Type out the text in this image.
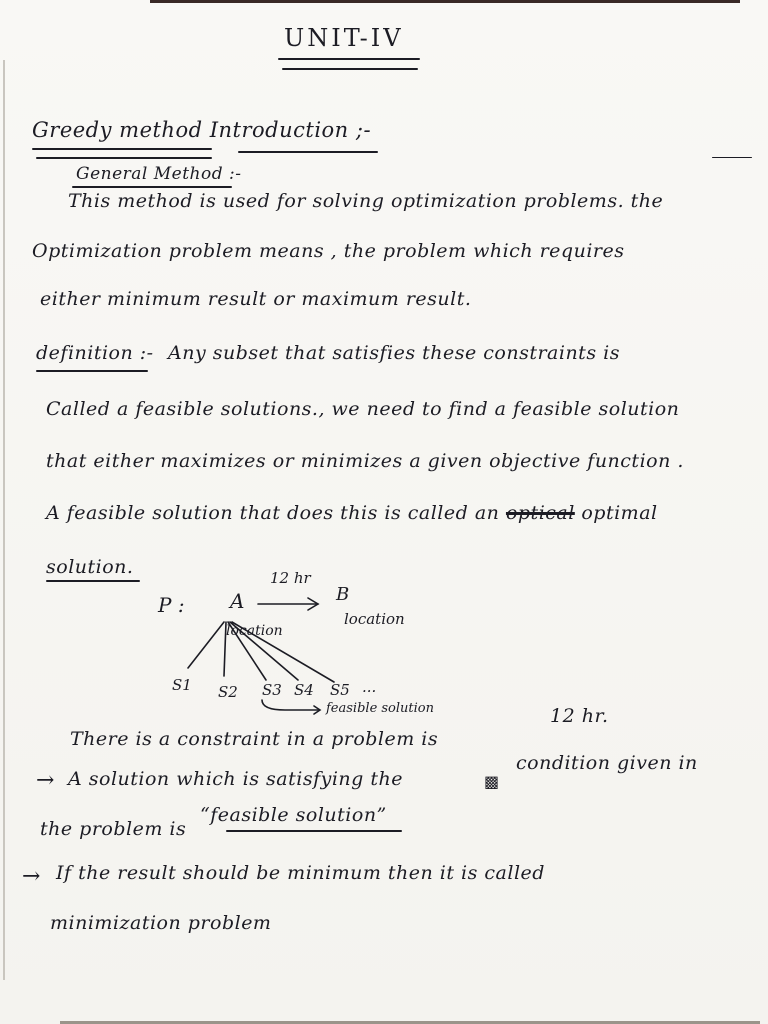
UNIT-IV
Greedy method Introduction ;-
General Method :-
This method is used for solving optimization problems. the
Optimization problem means , the problem which requires
either minimum result or maximum result.
definition :- Any subset that satisfies these constraints is
Called a feasible solutions., we need to find a feasible solution
that either maximizes or minimizes a given objective function .
A feasible solution that does this is called an optical optimal
solution.
P : A	B
12 hr
location
location
S1 S2 S3 S4 S5 ...
feasible solution
There is a constraint in a problem is
12 hr.
→ A solution which is satisfying the	▩
condition given in
the problem is
“feasible solution”
→ If the result should be minimum then it is called
minimization problem
